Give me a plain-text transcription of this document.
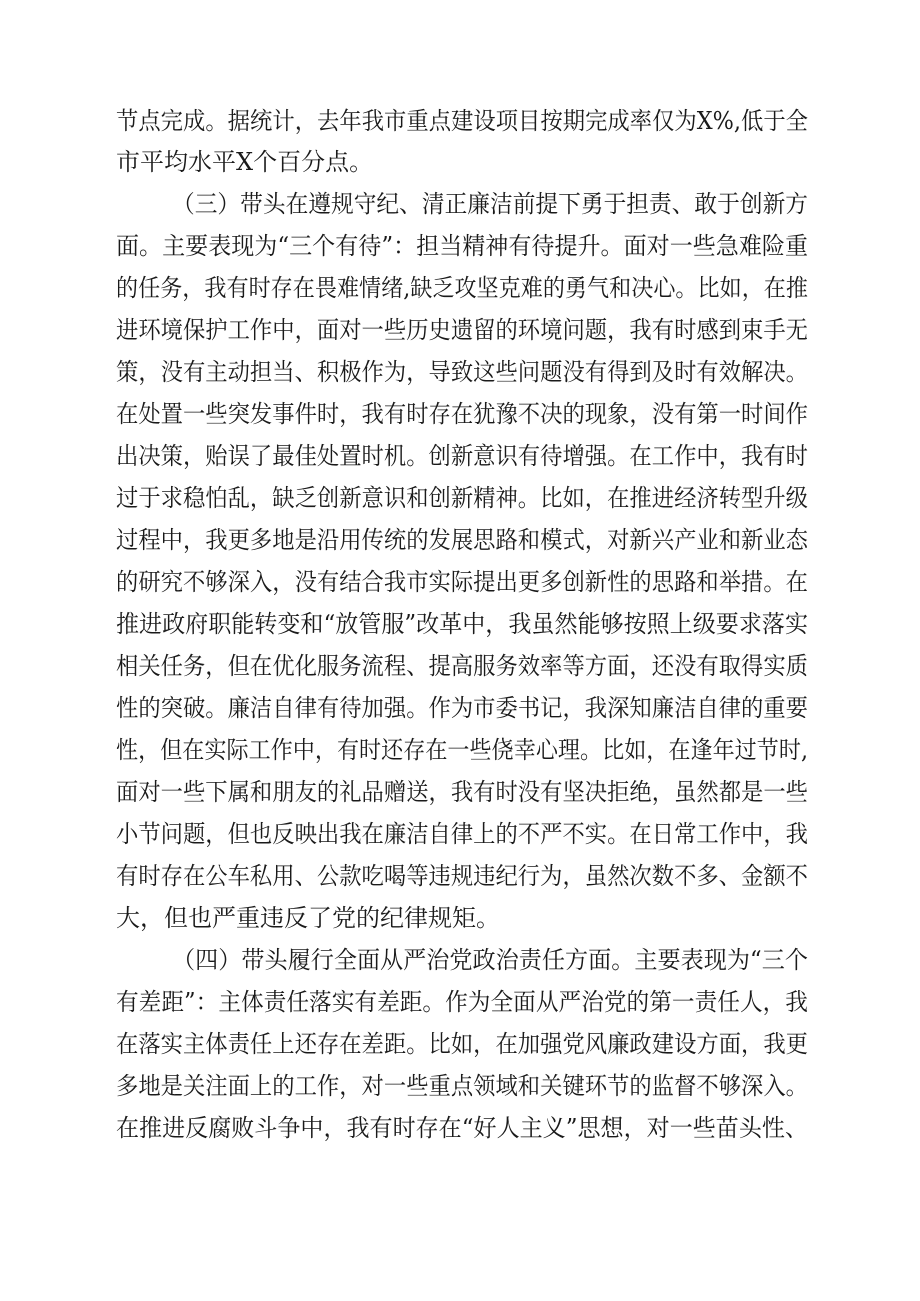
节点完成。据统计，去年我市重点建设项目按期完成率仅为X%,低于全
市平均水平X个百分点。
（三）带头在遵规守纪、清正廉洁前提下勇于担责、敢于创新方
面。主要表现为“三个有待”：担当精神有待提升。面对一些急难险重
的任务，我有时存在畏难情绪,缺乏攻坚克难的勇气和决心。比如，在推
进环境保护工作中，面对一些历史遗留的环境问题，我有时感到束手无
策，没有主动担当、积极作为，导致这些问题没有得到及时有效解决。
在处置一些突发事件时，我有时存在犹豫不决的现象，没有第一时间作
出决策，贻误了最佳处置时机。创新意识有待增强。在工作中，我有时
过于求稳怕乱，缺乏创新意识和创新精神。比如，在推进经济转型升级
过程中，我更多地是沿用传统的发展思路和模式，对新兴产业和新业态
的研究不够深入，没有结合我市实际提出更多创新性的思路和举措。在
推进政府职能转变和“放管服”改革中，我虽然能够按照上级要求落实
相关任务，但在优化服务流程、提高服务效率等方面，还没有取得实质
性的突破。廉洁自律有待加强。作为市委书记，我深知廉洁自律的重要
性，但在实际工作中，有时还存在一些侥幸心理。比如，在逢年过节时,
面对一些下属和朋友的礼品赠送，我有时没有坚决拒绝，虽然都是一些
小节问题，但也反映出我在廉洁自律上的不严不实。在日常工作中，我
有时存在公车私用、公款吃喝等违规违纪行为，虽然次数不多、金额不
大，但也严重违反了党的纪律规矩。
（四）带头履行全面从严治党政治责任方面。主要表现为“三个
有差距”：主体责任落实有差距。作为全面从严治党的第一责任人，我
在落实主体责任上还存在差距。比如，在加强党风廉政建设方面，我更
多地是关注面上的工作，对一些重点领域和关键环节的监督不够深入。
在推进反腐败斗争中，我有时存在“好人主义”思想，对一些苗头性、
